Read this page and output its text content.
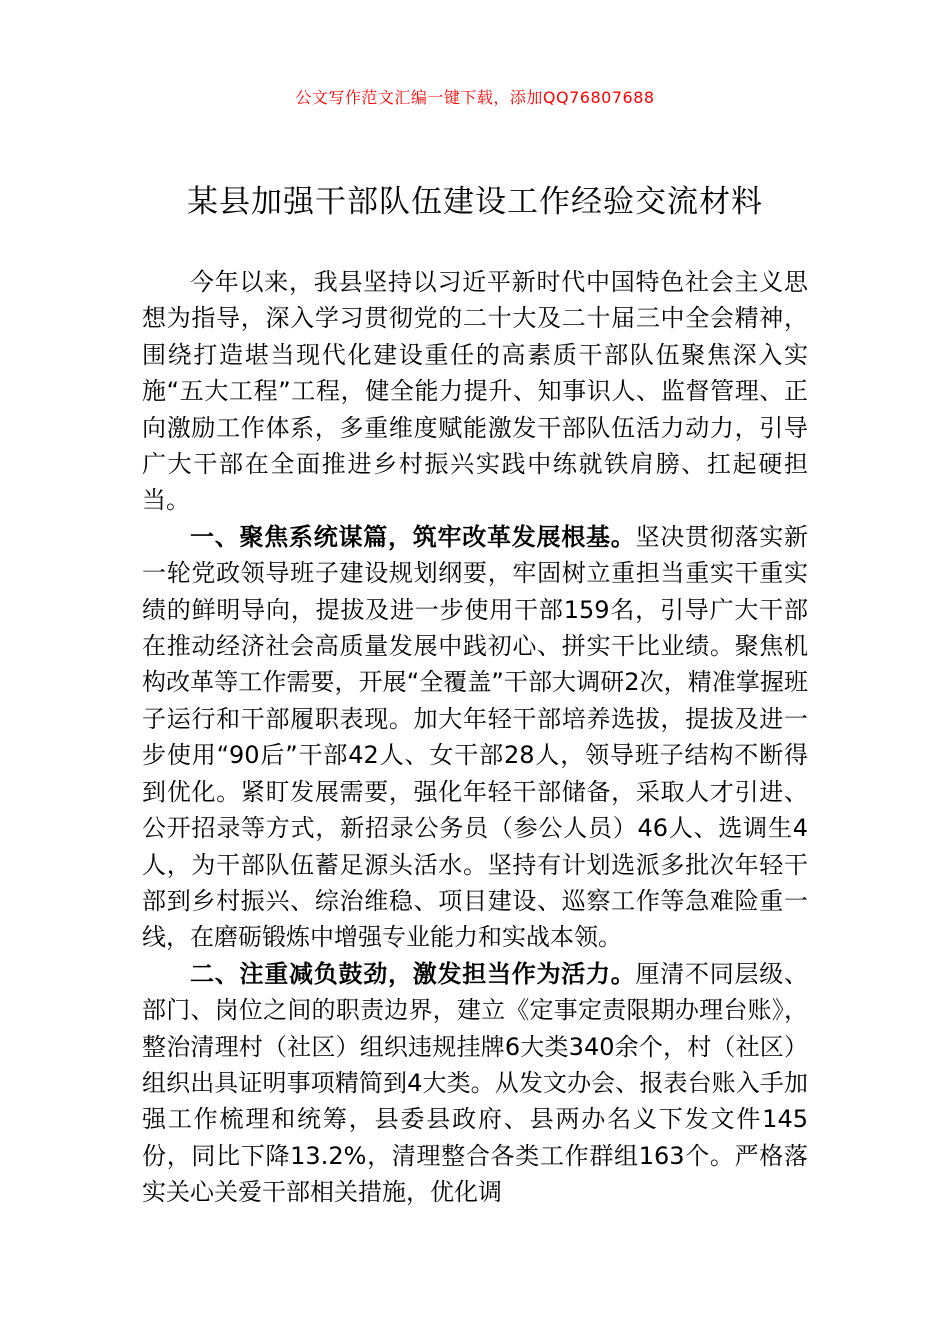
公文写作范文汇编一键下载，添加QQ76807688
某县加强干部队伍建设工作经验交流材料

今年以来，我县坚持以习近平新时代中国特色社会主义思想为指导，深入学习贯彻党的二十大及二十届三中全会精神，围绕打造堪当现代化建设重任的高素质干部队伍聚焦深入实施“五大工程”工程，健全能力提升、知事识人、监督管理、正向激励工作体系，多重维度赋能激发干部队伍活力动力，引导广大干部在全面推进乡村振兴实践中练就铁肩膀、扛起硬担当。

一、聚焦系统谋篇，筑牢改革发展根基。坚决贯彻落实新一轮党政领导班子建设规划纲要，牢固树立重担当重实干重实绩的鲜明导向，提拔及进一步使用干部159名，引导广大干部在推动经济社会高质量发展中践初心、拼实干比业绩。聚焦机构改革等工作需要，开展“全覆盖”干部大调研2次，精准掌握班子运行和干部履职表现。加大年轻干部培养选拔，提拔及进一步使用“90后”干部42人、女干部28人，领导班子结构不断得到优化。紧盯发展需要，强化年轻干部储备，采取人才引进、公开招录等方式，新招录公务员（参公人员）46人、选调生4人，为干部队伍蓄足源头活水。坚持有计划选派多批次年轻干部到乡村振兴、综治维稳、项目建设、巡察工作等急难险重一线，在磨砺锻炼中增强专业能力和实战本领。

二、注重减负鼓劲，激发担当作为活力。厘清不同层级、部门、岗位之间的职责边界，建立《定事定责限期办理台账》，整治清理村（社区）组织违规挂牌6大类340余个，村（社区）组织出具证明事项精简到4大类。从发文办会、报表台账入手加强工作梳理和统筹，县委县政府、县两办名义下发文件145份，同比下降13.2%，清理整合各类工作群组163个。严格落实关心关爱干部相关措施，优化调
